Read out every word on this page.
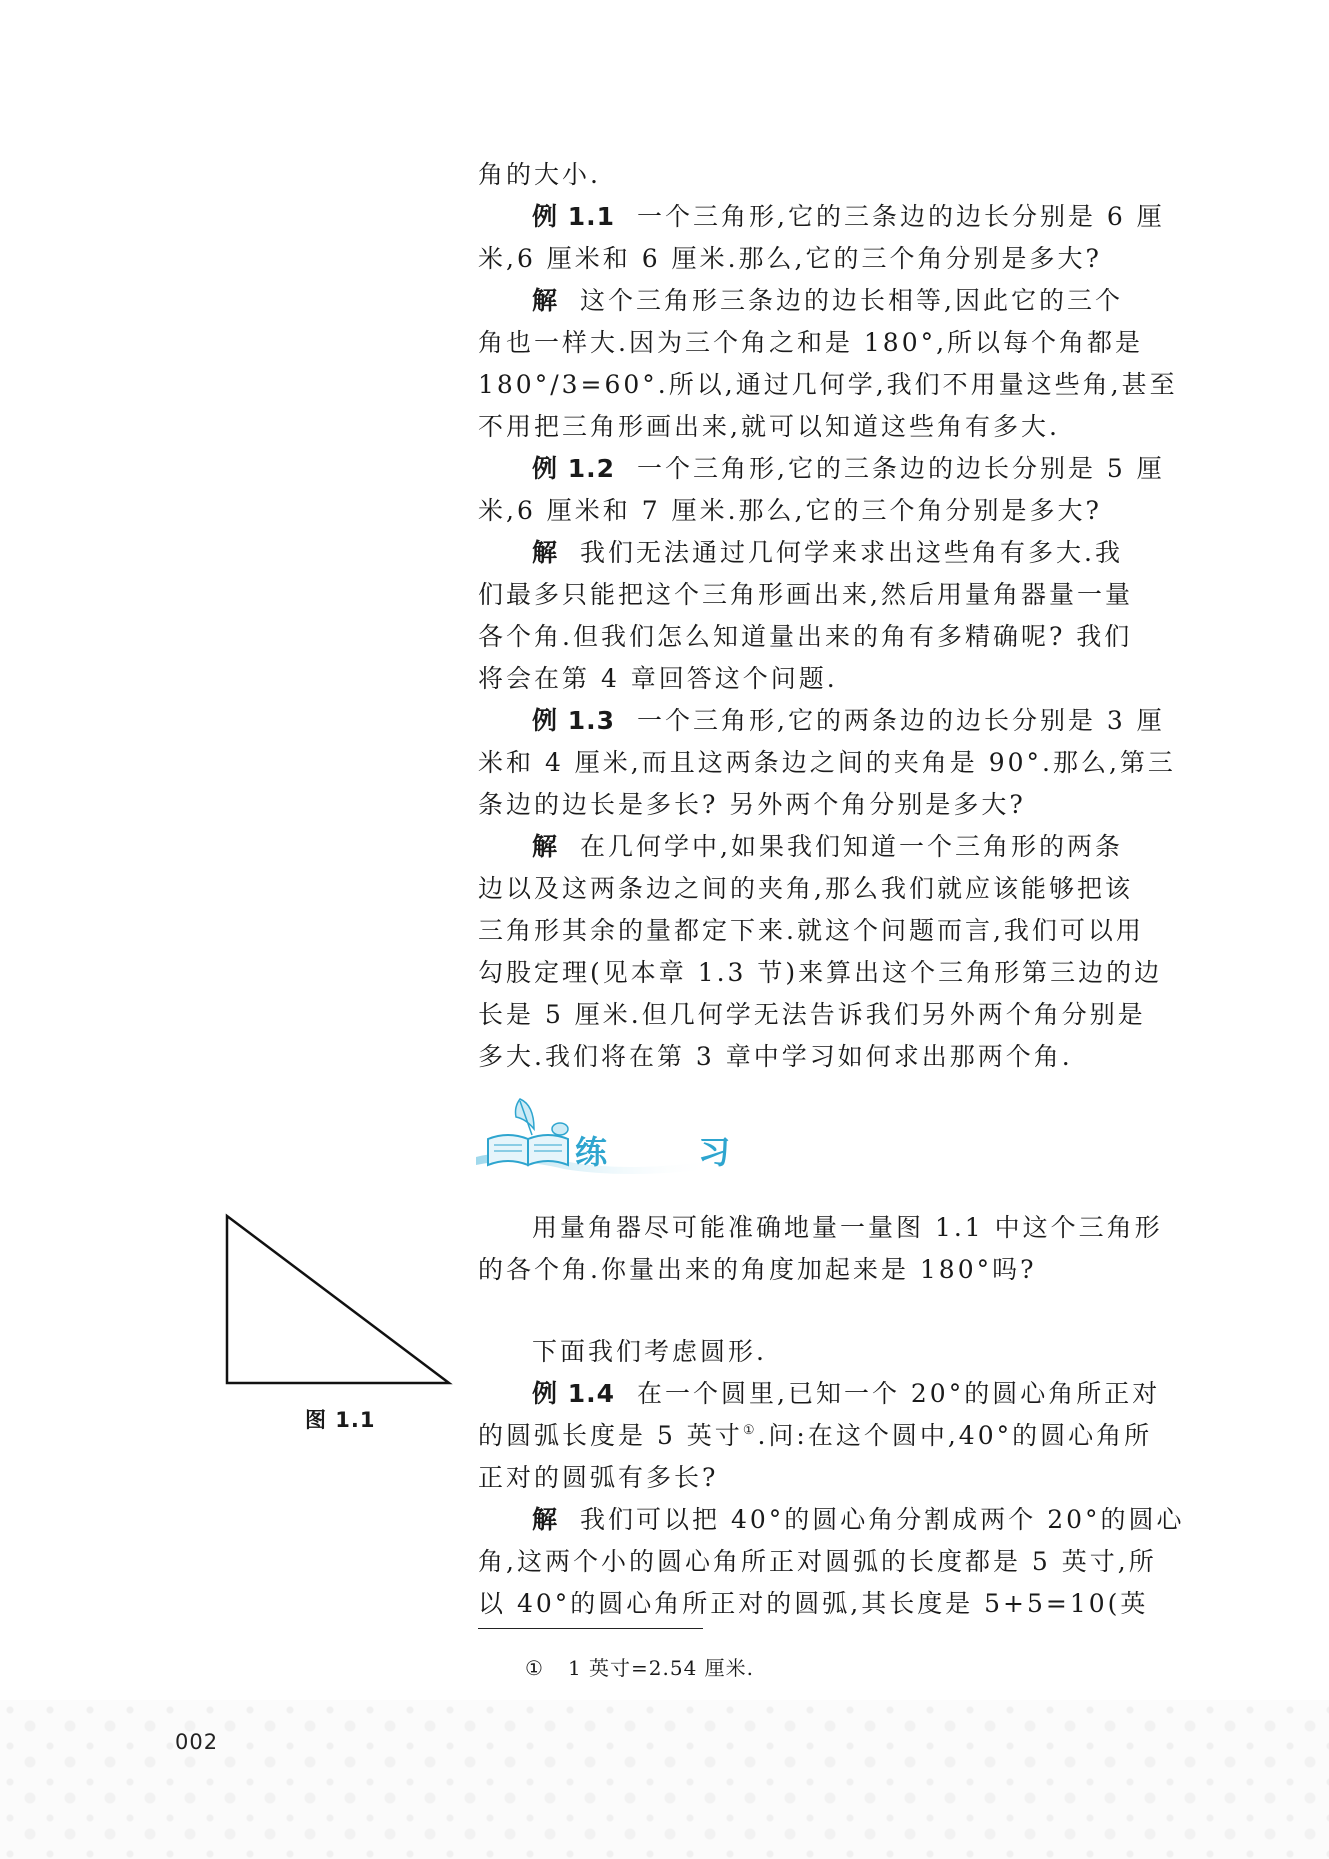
角的大小.

例 1.1 一个三角形,它的三条边的边长分别是 6 厘

米,6 厘米和 6 厘米.那么,它的三个角分别是多大?

解 这个三角形三条边的边长相等,因此它的三个

角也一样大.因为三个角之和是 180°,所以每个角都是

180°/3=60°.所以,通过几何学,我们不用量这些角,甚至

不用把三角形画出来,就可以知道这些角有多大.

例 1.2 一个三角形,它的三条边的边长分别是 5 厘

米,6 厘米和 7 厘米.那么,它的三个角分别是多大?

解 我们无法通过几何学来求出这些角有多大.我

们最多只能把这个三角形画出来,然后用量角器量一量

各个角.但我们怎么知道量出来的角有多精确呢? 我们

将会在第 4 章回答这个问题.

例 1.3 一个三角形,它的两条边的边长分别是 3 厘

米和 4 厘米,而且这两条边之间的夹角是 90°.那么,第三

条边的边长是多长? 另外两个角分别是多大?

解 在几何学中,如果我们知道一个三角形的两条

边以及这两条边之间的夹角,那么我们就应该能够把该

三角形其余的量都定下来.就这个问题而言,我们可以用

勾股定理(见本章 1.3 节)来算出这个三角形第三边的边

长是 5 厘米.但几何学无法告诉我们另外两个角分别是

多大.我们将在第 3 章中学习如何求出那两个角.

练 习

用量角器尽可能准确地量一量图 1.1 中这个三角形

的各个角.你量出来的角度加起来是 180°吗?

图 1.1

下面我们考虑圆形.

例 1.4 在一个圆里,已知一个 20°的圆心角所正对

的圆弧长度是 5 英寸①.问:在这个圆中,40°的圆心角所

正对的圆弧有多长?

解 我们可以把 40°的圆心角分割成两个 20°的圆心

角,这两个小的圆心角所正对圆弧的长度都是 5 英寸,所

以 40°的圆心角所正对的圆弧,其长度是 5+5=10(英

① 1 英寸=2.54 厘米.
002
